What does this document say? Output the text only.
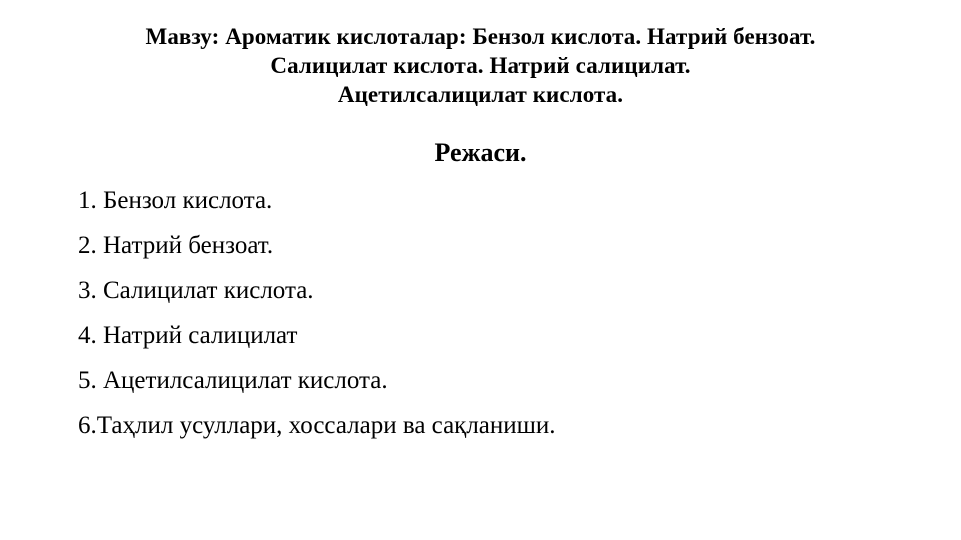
Мавзу: Ароматик кислоталар: Бензол кислота. Натрий бензоат.
Салицилат кислота. Натрий салицилат.
Ацетилсалицилат кислота.
Режаси.
1. Бензол кислота.
2. Натрий бензоат.
3. Салицилат кислота.
4. Натрий салицилат
5. Ацетилсалицилат кислота.
6.Таҳлил усуллари, хоссалари ва сақланиши.
